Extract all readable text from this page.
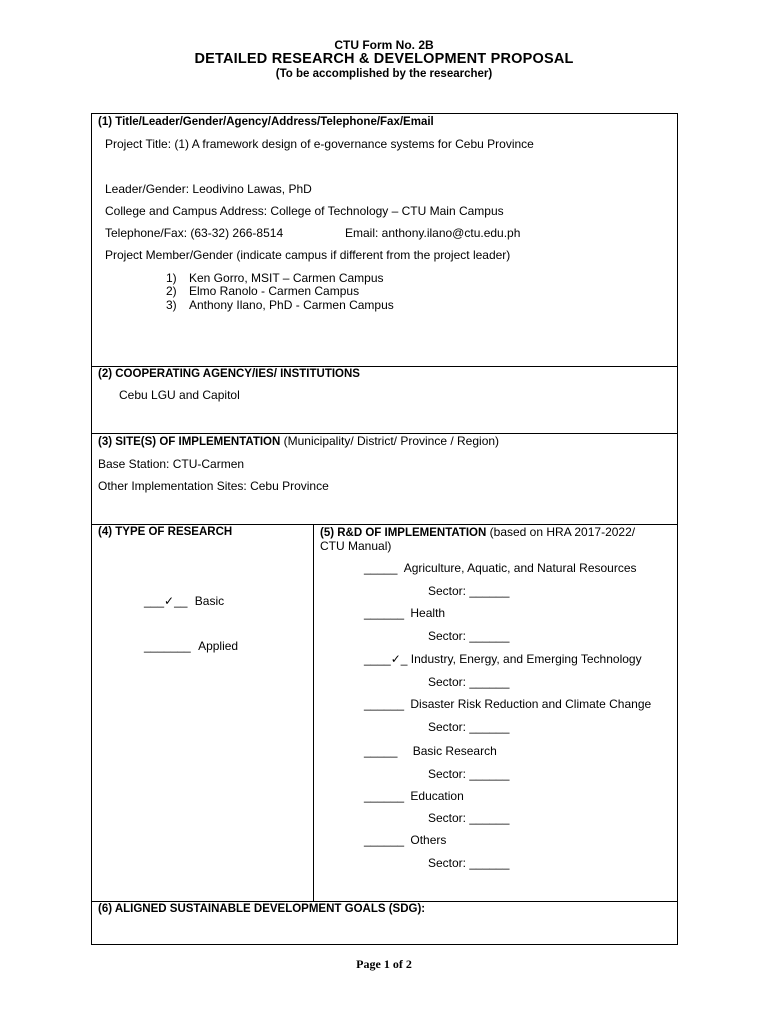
CTU Form No. 2B
DETAILED RESEARCH & DEVELOPMENT PROPOSAL
(To be accomplished by the researcher)
(1) Title/Leader/Gender/Agency/Address/Telephone/Fax/Email
Project Title: (1) A framework design of e-governance systems for Cebu Province
Leader/Gender: Leodivino Lawas, PhD
College and Campus Address: College of Technology – CTU Main Campus
Telephone/Fax: (63-32) 266-8514	Email: anthony.ilano@ctu.edu.ph
Project Member/Gender (indicate campus if different from the project leader)
1) Ken Gorro, MSIT – Carmen Campus
2) Elmo Ranolo - Carmen Campus
3) Anthony Ilano, PhD - Carmen Campus
(2) COOPERATING AGENCY/IES/ INSTITUTIONS
Cebu LGU and Capitol
(3) SITE(S) OF IMPLEMENTATION (Municipality/ District/ Province / Region)
Base Station: CTU-Carmen
Other Implementation Sites: Cebu Province
(4) TYPE OF RESEARCH
___✓__ Basic
_______ Applied
(5) R&D OF IMPLEMENTATION (based on HRA 2017-2022/
CTU Manual)
_____ Agriculture, Aquatic, and Natural Resources
Sector: ______
______ Health
Sector: ______
____✓_ Industry, Energy, and Emerging Technology
Sector: ______
______ Disaster Risk Reduction and Climate Change
Sector: ______
_____ Basic Research
Sector: ______
______ Education
Sector: ______
______ Others
Sector: ______
(6) ALIGNED SUSTAINABLE DEVELOPMENT GOALS (SDG):
Page 1 of 2
